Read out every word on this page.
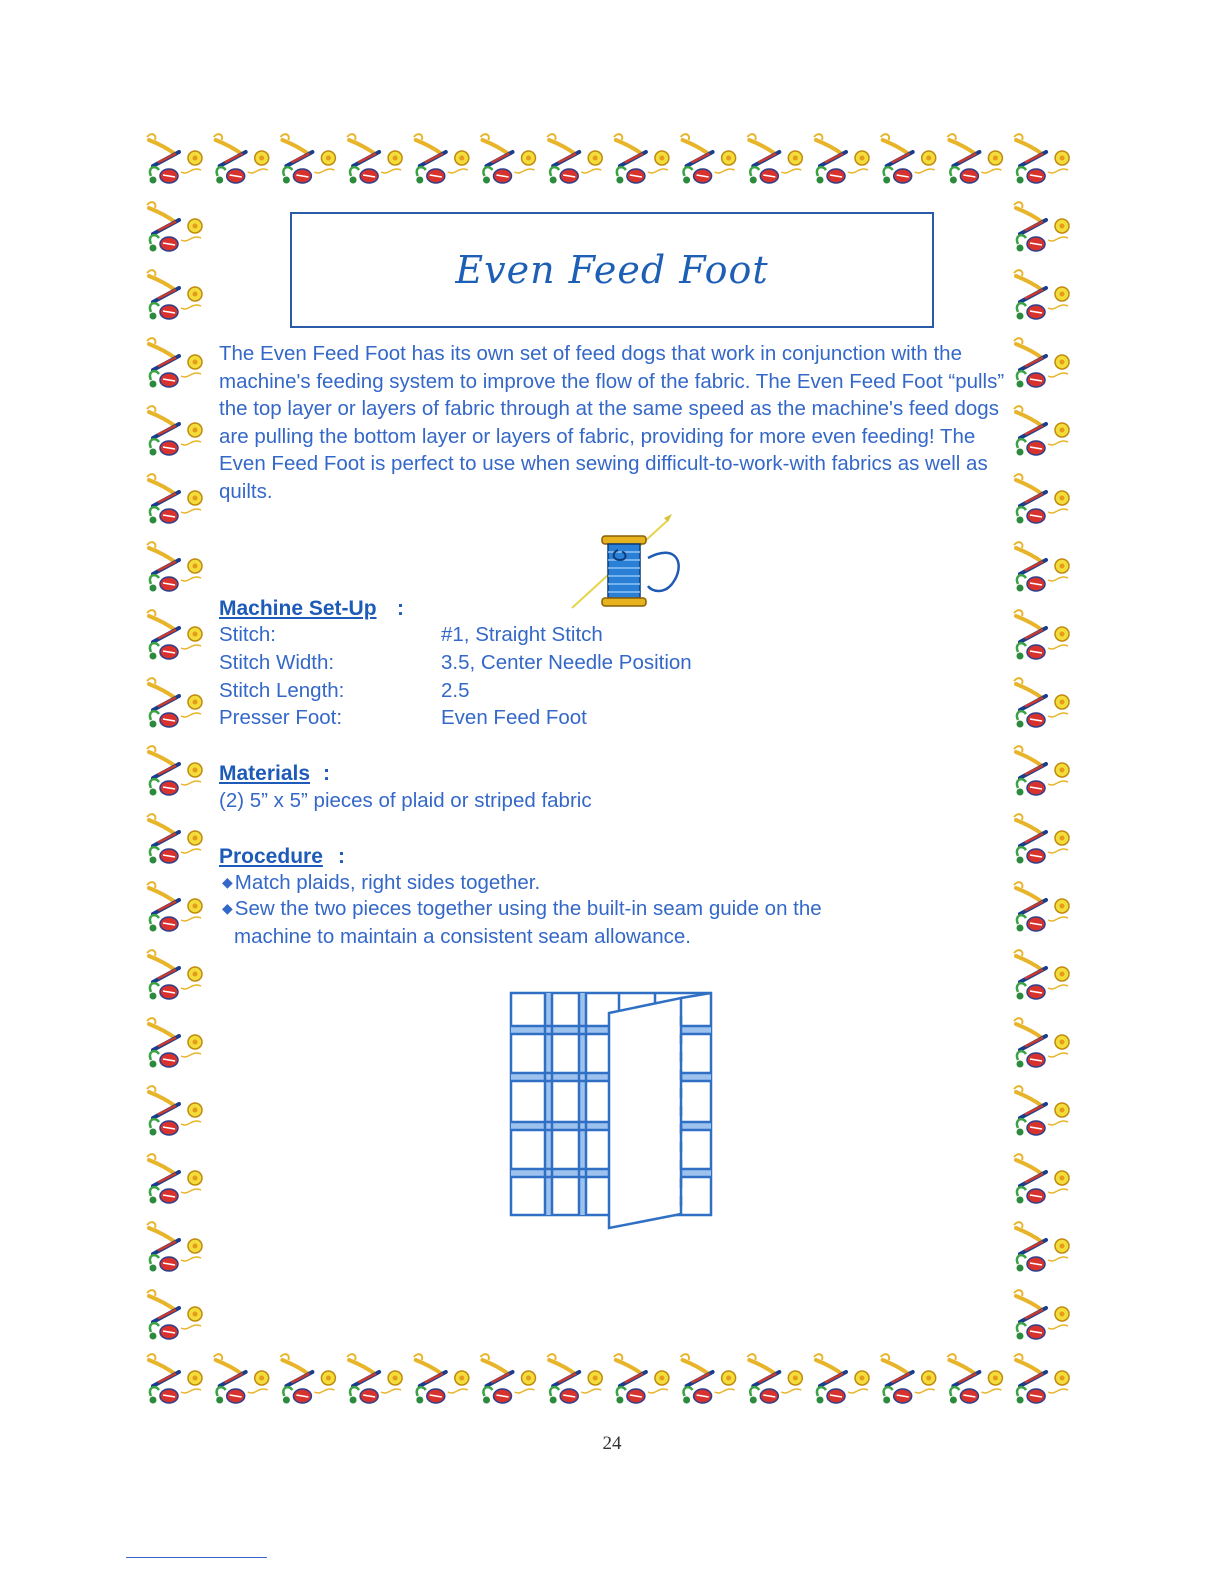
Even Feed Foot

The Even Feed Foot has its own set of feed dogs that work in conjunction with the machine's feeding system to improve the flow of the fabric. The Even Feed Foot “pulls” the top layer or layers of fabric through at the same speed as the machine's feed dogs are pulling the bottom layer or layers of fabric, providing for more even feeding! The Even Feed Foot is perfect to use when sewing difficult-to-work-with fabrics as well as quilts.

Machine Set-Up :
Stitch:	#1, Straight Stitch
Stitch Width:	3.5, Center Needle Position
Stitch Length:	2.5
Presser Foot:	Even Feed Foot
Materials :
(2) 5” x 5” pieces of plaid or striped fabric
Procedure :
◆Match plaids, right sides together.
◆Sew the two pieces together using the built-in seam guide on the
machine to maintain a consistent seam allowance.
24
